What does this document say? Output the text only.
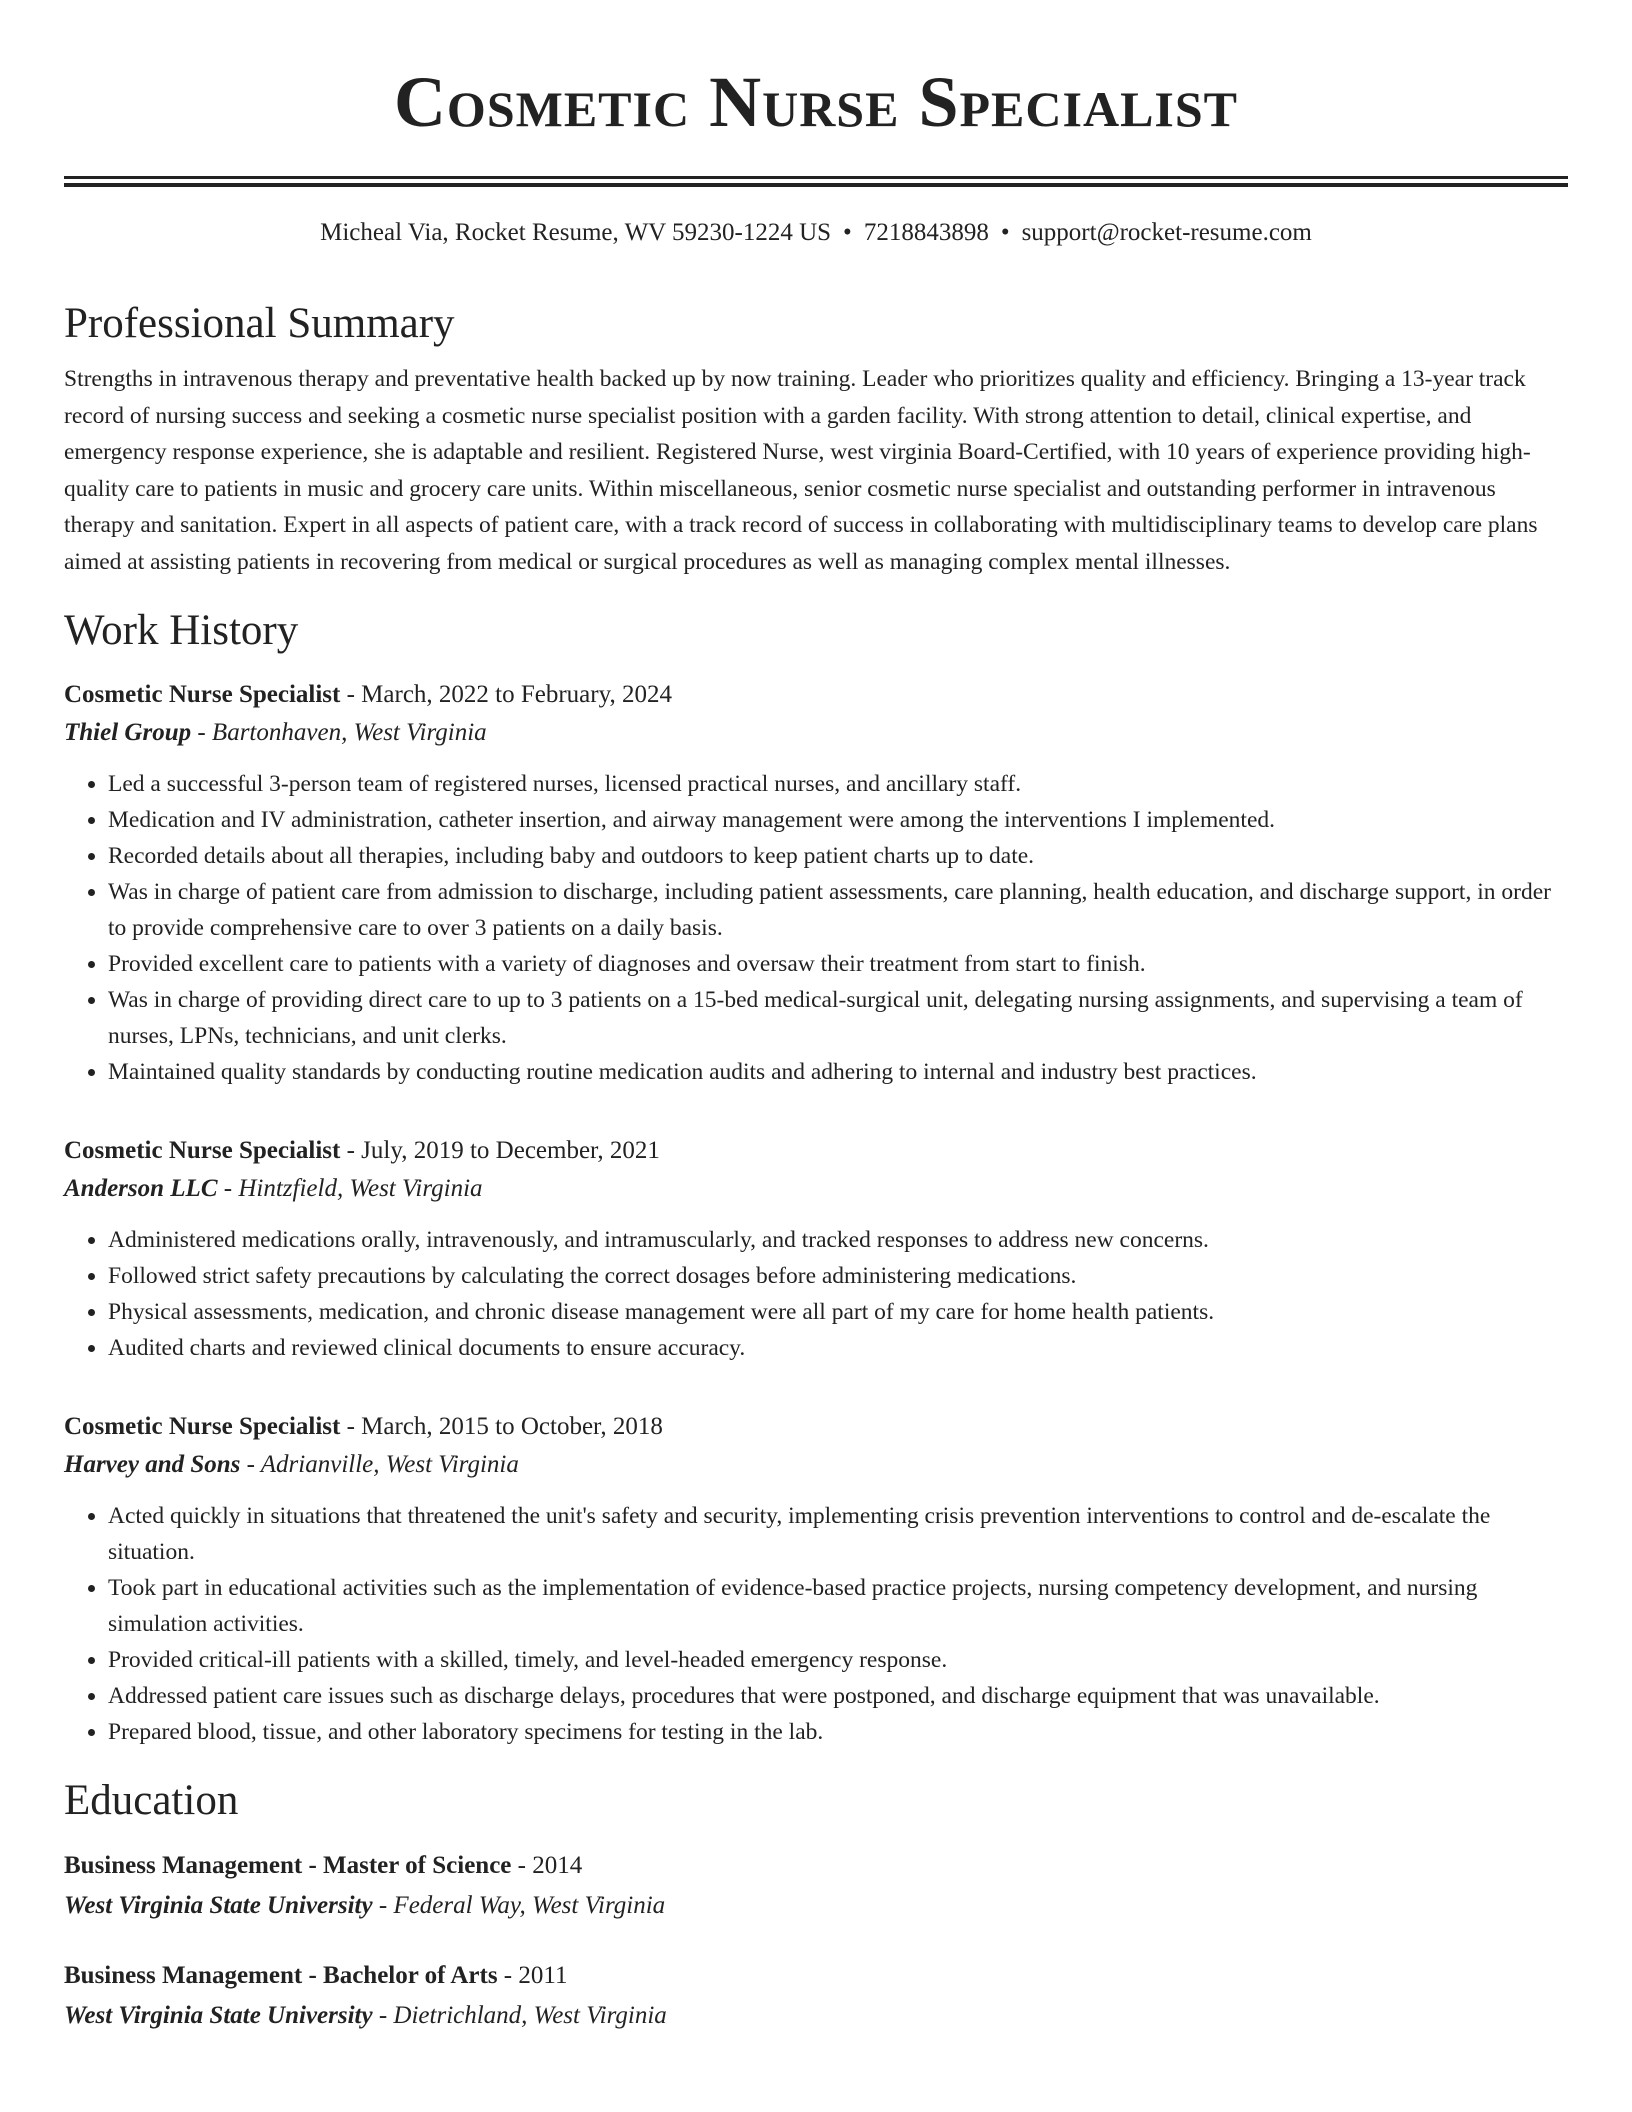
Cosmetic Nurse Specialist
Micheal Via, Rocket Resume, WV 59230-1224 US • 7218843898 • support@rocket-resume.com
Professional Summary
Strengths in intravenous therapy and preventative health backed up by now training. Leader who prioritizes quality and efficiency. Bringing a 13-year track record of nursing success and seeking a cosmetic nurse specialist position with a garden facility. With strong attention to detail, clinical expertise, and emergency response experience, she is adaptable and resilient. Registered Nurse, west virginia Board-Certified, with 10 years of experience providing high-quality care to patients in music and grocery care units. Within miscellaneous, senior cosmetic nurse specialist and outstanding performer in intravenous therapy and sanitation. Expert in all aspects of patient care, with a track record of success in collaborating with multidisciplinary teams to develop care plans aimed at assisting patients in recovering from medical or surgical procedures as well as managing complex mental illnesses.
Work History
Cosmetic Nurse Specialist - March, 2022 to February, 2024
Thiel Group - Bartonhaven, West Virginia
• Led a successful 3-person team of registered nurses, licensed practical nurses, and ancillary staff.
• Medication and IV administration, catheter insertion, and airway management were among the interventions I implemented.
• Recorded details about all therapies, including baby and outdoors to keep patient charts up to date.
• Was in charge of patient care from admission to discharge, including patient assessments, care planning, health education, and discharge support, in order to provide comprehensive care to over 3 patients on a daily basis.
• Provided excellent care to patients with a variety of diagnoses and oversaw their treatment from start to finish.
• Was in charge of providing direct care to up to 3 patients on a 15-bed medical-surgical unit, delegating nursing assignments, and supervising a team of nurses, LPNs, technicians, and unit clerks.
• Maintained quality standards by conducting routine medication audits and adhering to internal and industry best practices.
Cosmetic Nurse Specialist - July, 2019 to December, 2021
Anderson LLC - Hintzfield, West Virginia
• Administered medications orally, intravenously, and intramuscularly, and tracked responses to address new concerns.
• Followed strict safety precautions by calculating the correct dosages before administering medications.
• Physical assessments, medication, and chronic disease management were all part of my care for home health patients.
• Audited charts and reviewed clinical documents to ensure accuracy.
Cosmetic Nurse Specialist - March, 2015 to October, 2018
Harvey and Sons - Adrianville, West Virginia
• Acted quickly in situations that threatened the unit's safety and security, implementing crisis prevention interventions to control and de-escalate the situation.
• Took part in educational activities such as the implementation of evidence-based practice projects, nursing competency development, and nursing simulation activities.
• Provided critical-ill patients with a skilled, timely, and level-headed emergency response.
• Addressed patient care issues such as discharge delays, procedures that were postponed, and discharge equipment that was unavailable.
• Prepared blood, tissue, and other laboratory specimens for testing in the lab.
Education
Business Management - Master of Science - 2014
West Virginia State University - Federal Way, West Virginia
Business Management - Bachelor of Arts - 2011
West Virginia State University - Dietrichland, West Virginia
